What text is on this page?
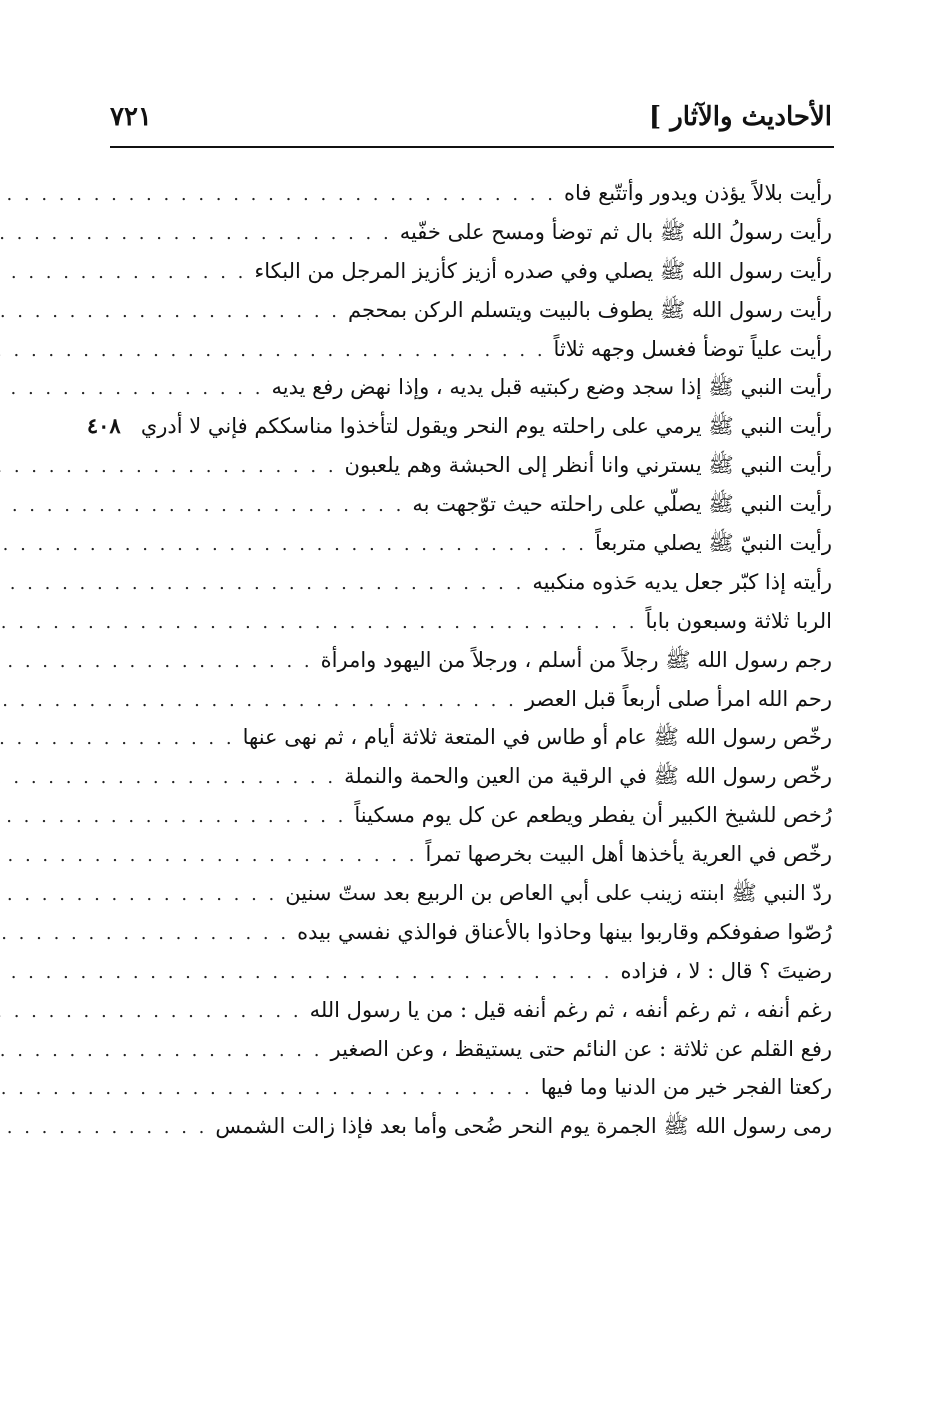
الأحاديث والآثار ]
٧٢١
رأيت بلالاً يؤذن ويدور وأتتّبع فاه
. . .
رأيت رسولُ الله ﷺ بال ثم توضأ ومسح على خفّيه
. . .
رأيت رسول الله ﷺ يصلي وفي صدره أزيز كأزيز المرجل من البكاء
. . .
رأيت رسول الله ﷺ يطوف بالبيت ويتسلم الركن بمحجم
. . .
رأيت علياً توضأ فغسل وجهه ثلاثاً
. . .
رأيت النبي ﷺ إذا سجد وضع ركبتيه قبل يديه ، وإذا نهض رفع يديه
. . .
رأيت النبي ﷺ يرمي على راحلته يوم النحر ويقول لتأخذوا مناسككم فإني لا أدري
٤٠٨
رأيت النبي ﷺ يسترني وانا أنظر إلى الحبشة وهم يلعبون
. . .
رأيت النبي ﷺ يصلّي على راحلته حيث توّجهت به
. . .
رأيت النبيّ ﷺ يصلي متربعاً
. . .
رأيته إذا كبّر جعل يديه حَذوه منكبيه
. . .
الربا ثلاثة وسبعون باباً
. . .
رجم رسول الله ﷺ رجلاً من أسلم ، ورجلاً من اليهود وامرأة
. . .
رحم الله امرأ صلى أربعاً قبل العصر
. . .
رخّص رسول الله ﷺ عام أو طاس في المتعة ثلاثة أيام ، ثم نهى عنها
. . .
رخّص رسول الله ﷺ في الرقية من العين والحمة والنملة
. . .
رُخص للشيخ الكبير أن يفطر ويطعم عن كل يوم مسكيناً
. . .
رخّص في العرية يأخذها أهل البيت بخرصها تمراً
. . .
ردّ النبي ﷺ ابنته زينب على أبي العاص بن الربيع بعد ستّ سنين
. . .
رُصّوا صفوفكم وقاربوا بينها وحاذوا بالأعناق فوالذي نفسي بيده
. . .
رضيتَ ؟ قال : لا ، فزاده
. . .
رغم أنفه ، ثم رغم أنفه ، ثم رغم أنفه قيل : من يا رسول الله
. . .
رفع القلم عن ثلاثة : عن النائم حتى يستيقظ ، وعن الصغير
. . .
ركعتا الفجر خير من الدنيا وما فيها
. . .
رمى رسول الله ﷺ الجمرة يوم النحر ضُحى وأما بعد فإذا زالت الشمس
. . .
